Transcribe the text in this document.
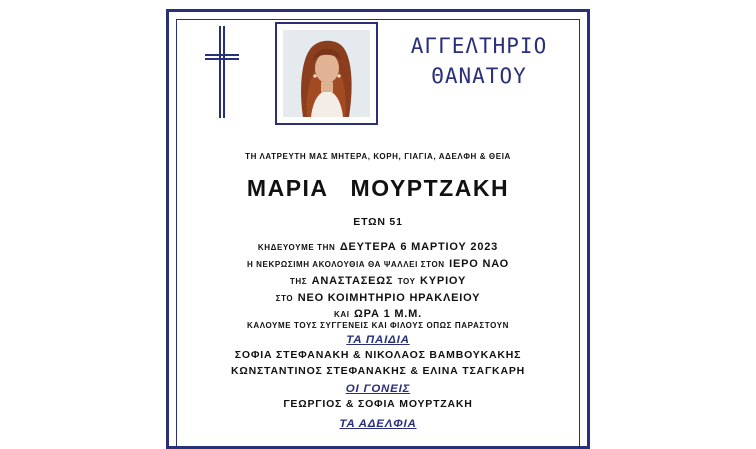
ΑΓΓΕΛΤΗΡΙΟ
ΘΑΝΑΤΟΥ
ΤΗ ΛΑΤΡΕΥΤΗ ΜΑΣ ΜΗΤΕΡΑ, ΚΟΡΗ, ΓΙΑΓΙΑ, ΑΔΕΛΦΗ & ΘΕΙΑ
ΜΑΡΙΑ ΜΟΥΡΤΖΑΚΗ
ΕΤΩΝ 51
ΚΗΔΕΥΟΥΜΕ ΤΗΝ ΔΕΥΤΕΡΑ 6 ΜΑΡΤΙΟΥ 2023
Η ΝΕΚΡΩΣΙΜΗ ΑΚΟΛΟΥΘΙΑ ΘΑ ΨΑΛΛΕΙ ΣΤΟΝ ΙΕΡΟ ΝΑΟ
ΤΗΣ ΑΝΑΣΤΑΣΕΩΣ ΤΟΥ ΚΥΡΙΟΥ
ΣΤΟ ΝΕΟ ΚΟΙΜΗΤΗΡΙΟ ΗΡΑΚΛΕΙΟΥ
ΚΑΙ ΩΡΑ 1 Μ.Μ.
ΚΑΛΟΥΜΕ ΤΟΥΣ ΣΥΓΓΕΝΕΙΣ ΚΑΙ ΦΙΛΟΥΣ ΟΠΩΣ ΠΑΡΑΣΤΟΥΝ
ΤΑ ΠΑΙΔΙΑ
ΣΟΦΙΑ ΣΤΕΦΑΝΑΚΗ & ΝΙΚΟΛΑΟΣ ΒΑΜΒΟΥΚΑΚΗΣ
ΚΩΝΣΤΑΝΤΙΝΟΣ ΣΤΕΦΑΝΑΚΗΣ & ΕΛΙΝΑ ΤΣΑΓΚΑΡΗ
ΟΙ ΓΟΝΕΙΣ
ΓΕΩΡΓΙΟΣ & ΣΟΦΙΑ ΜΟΥΡΤΖΑΚΗ
ΤΑ ΑΔΕΛΦΙΑ
